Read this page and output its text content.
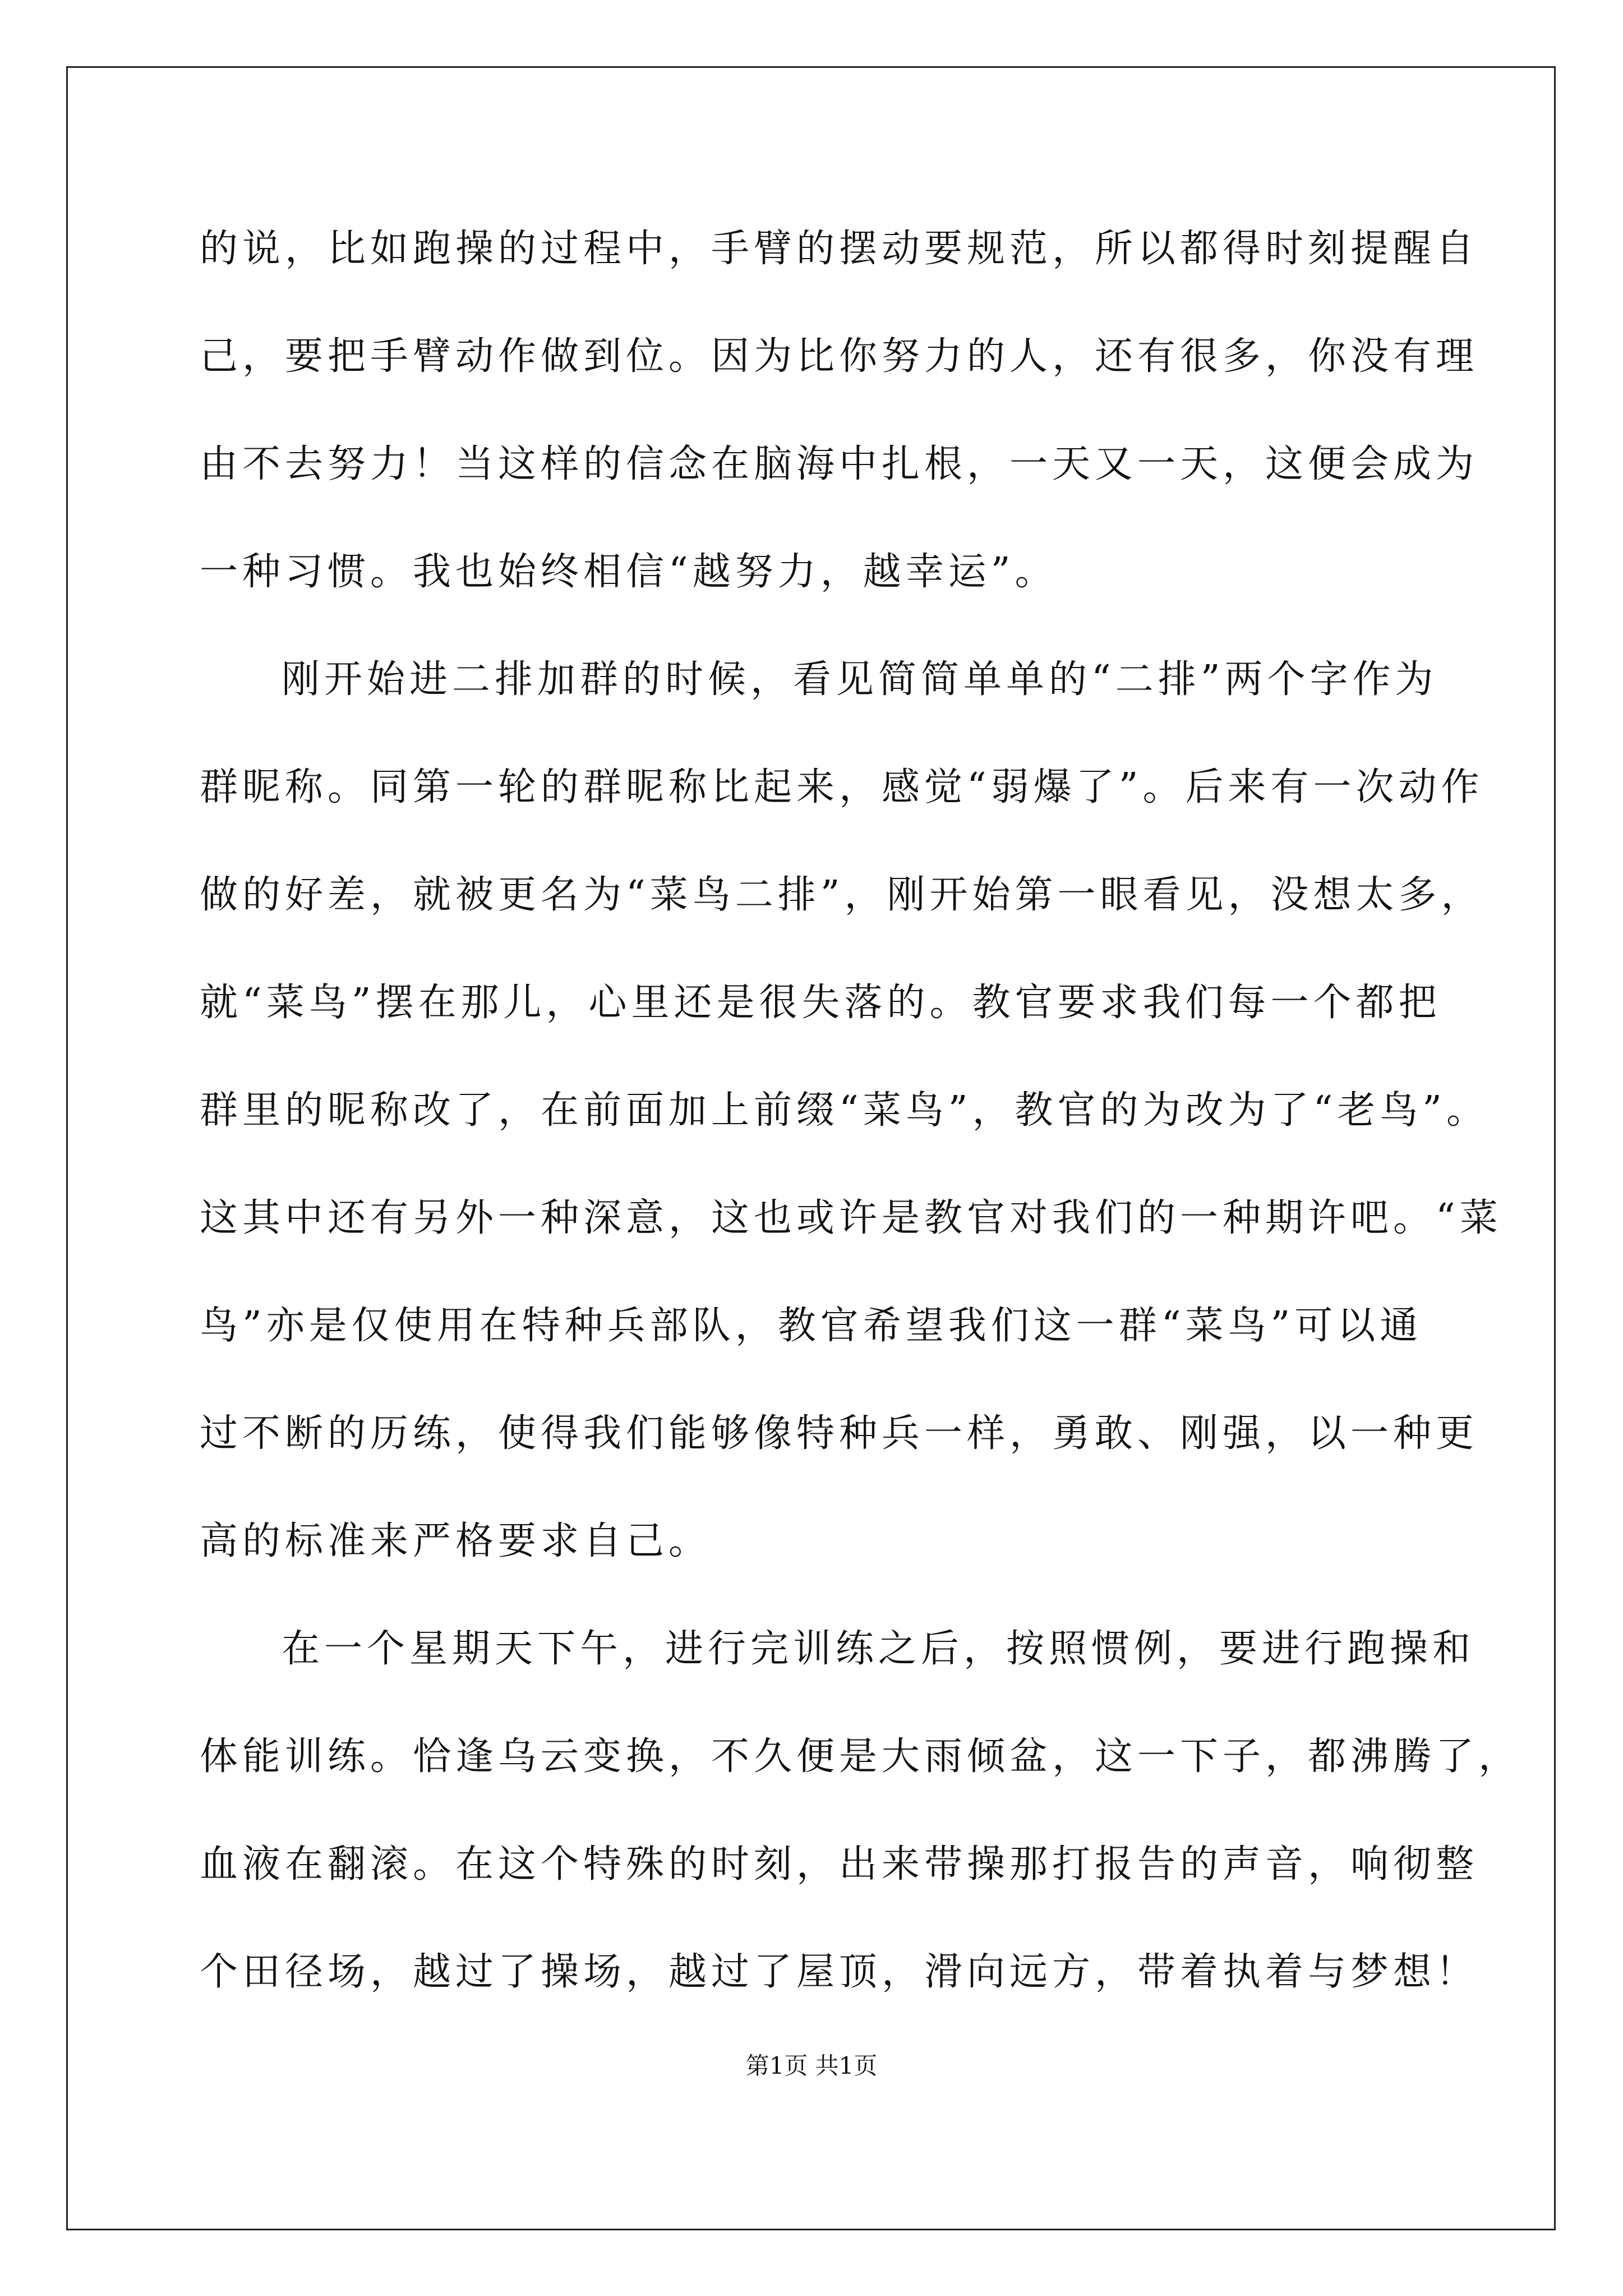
的说，比如跑操的过程中，手臂的摆动要规范，所以都得时刻提醒自

己，要把手臂动作做到位。因为比你努力的人，还有很多，你没有理

由不去努力！当这样的信念在脑海中扎根，一天又一天，这便会成为

一种习惯。我也始终相信“越努力，越幸运”。

刚开始进二排加群的时候，看见简简单单的“二排”两个字作为

群昵称。同第一轮的群昵称比起来，感觉“弱爆了”。后来有一次动作

做的好差，就被更名为“菜鸟二排”，刚开始第一眼看见，没想太多，

就“菜鸟”摆在那儿，心里还是很失落的。教官要求我们每一个都把

群里的昵称改了，在前面加上前缀“菜鸟”，教官的为改为了“老鸟”。

这其中还有另外一种深意，这也或许是教官对我们的一种期许吧。“菜

鸟”亦是仅使用在特种兵部队，教官希望我们这一群“菜鸟”可以通

过不断的历练，使得我们能够像特种兵一样，勇敢、刚强，以一种更

高的标准来严格要求自己。

在一个星期天下午，进行完训练之后，按照惯例，要进行跑操和

体能训练。恰逢乌云变换，不久便是大雨倾盆，这一下子，都沸腾了，

血液在翻滚。在这个特殊的时刻，出来带操那打报告的声音，响彻整

个田径场，越过了操场，越过了屋顶，滑向远方，带着执着与梦想！

第1页 共1页
